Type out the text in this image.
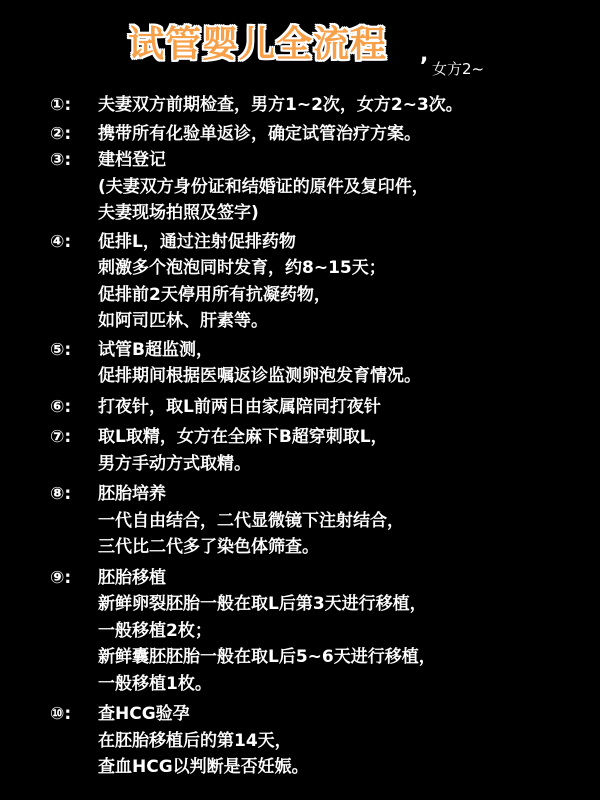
试管婴儿全流程 ,
女方2~
①:	夫妻双方前期检查，男方1~2次，女方2~3次。
②:	携带所有化验单返诊，确定试管治疗方案。
③:	建档登记
(夫妻双方身份证和结婚证的原件及复印件，
夫妻现场拍照及签字)
④:	促排L，通过注射促排药物
刺激多个泡泡同时发育，约8~15天；
促排前2天停用所有抗凝药物，
如阿司匹林、肝素等。
⑤:	试管B超监测，
促排期间根据医嘱返诊监测卵泡发育情况。
⑥:	打夜针，取L前两日由家属陪同打夜针
⑦:	取L取精，女方在全麻下B超穿刺取L，
男方手动方式取精。
⑧:	胚胎培养
一代自由结合，二代显微镜下注射结合，
三代比二代多了染色体筛查。
⑨:	胚胎移植
新鲜卵裂胚胎一般在取L后第3天进行移植，
一般移植2枚；
新鲜囊胚胚胎一般在取L后5~6天进行移植，
一般移植1枚。
⑩:	查HCG验孕
在胚胎移植后的第14天，
查血HCG以判断是否妊娠。
